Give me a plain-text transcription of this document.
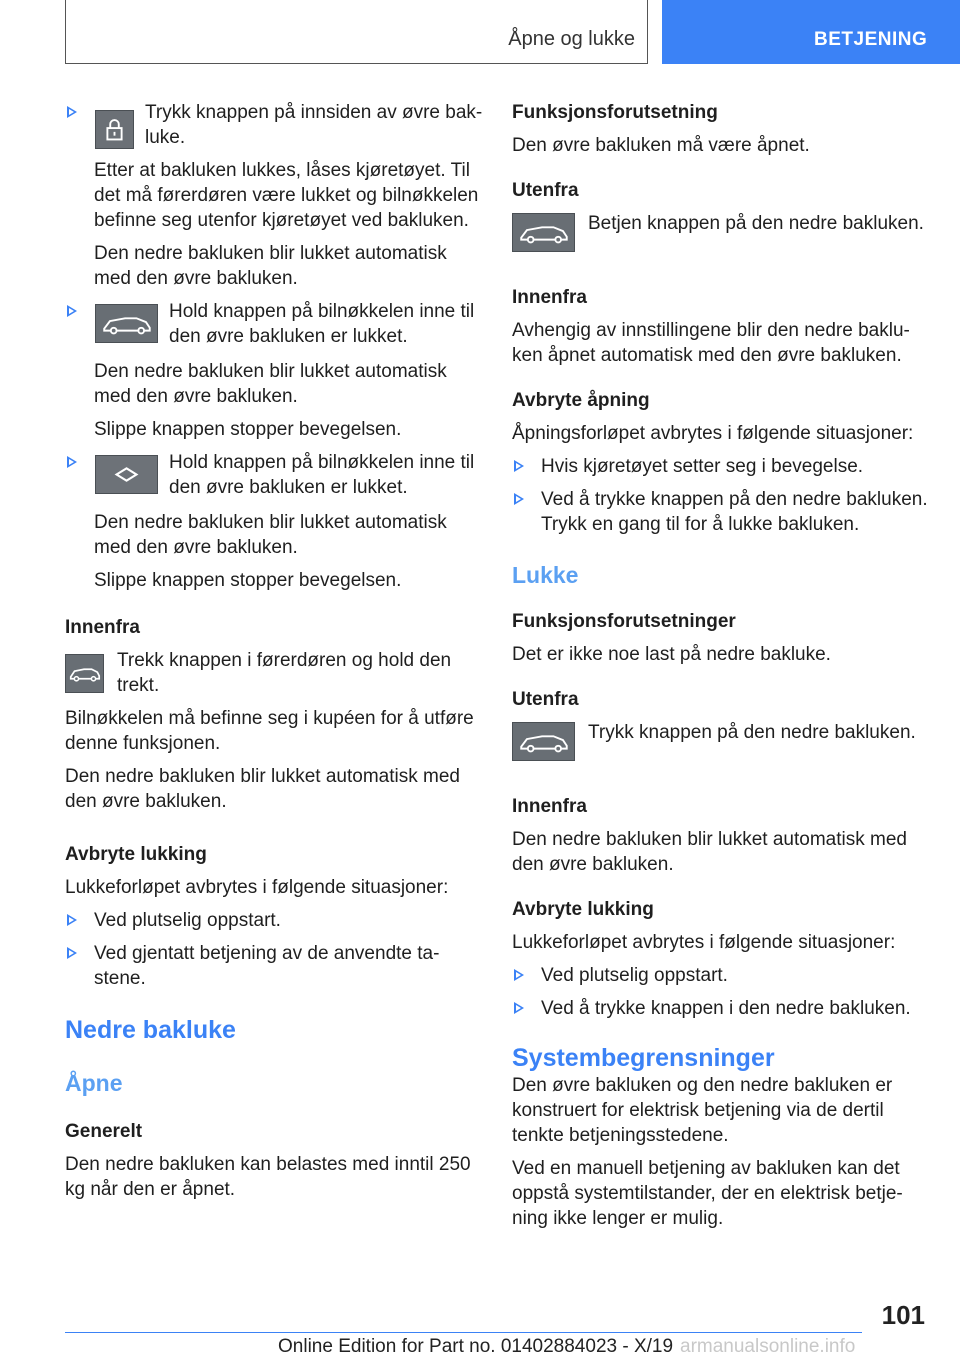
Åpne og lukke	BETJENING

Trykk knappen på innsiden av øvre bak-luke.

Etter at bakluken lukkes, låses kjøretøyet. Til det må førerdøren være lukket og bilnøkkelen befinne seg utenfor kjøretøyet ved bakluken.

Den nedre bakluken blir lukket automatisk med den øvre bakluken.

Hold knappen på bilnøkkelen inne til den øvre bakluken er lukket.

Den nedre bakluken blir lukket automatisk med den øvre bakluken.

Slippe knappen stopper bevegelsen.

Hold knappen på bilnøkkelen inne til den øvre bakluken er lukket.

Den nedre bakluken blir lukket automatisk med den øvre bakluken.

Slippe knappen stopper bevegelsen.

Innenfra

Trekk knappen i førerdøren og hold den trekt.

Bilnøkkelen må befinne seg i kupéen for å utføre denne funksjonen.

Den nedre bakluken blir lukket automatisk med den øvre bakluken.

Avbryte lukking

Lukkeforløpet avbrytes i følgende situasjoner:

Ved plutselig oppstart.

Ved gjentatt betjening av de anvendte ta-stene.

Nedre bakluke

Åpne

Generelt

Den nedre bakluken kan belastes med inntil 250 kg når den er åpnet.

Funksjonsforutsetning

Den øvre bakluken må være åpnet.

Utenfra

Betjen knappen på den nedre bakluken.

Innenfra

Avhengig av innstillingene blir den nedre baklu-ken åpnet automatisk med den øvre bakluken.

Avbryte åpning

Åpningsforløpet avbrytes i følgende situasjoner:

Hvis kjøretøyet setter seg i bevegelse.

Ved å trykke knappen på den nedre bakluken. Trykk en gang til for å lukke bakluken.

Lukke

Funksjonsforutsetninger

Det er ikke noe last på nedre bakluke.

Utenfra

Trykk knappen på den nedre bakluken.

Innenfra

Den nedre bakluken blir lukket automatisk med den øvre bakluken.

Avbryte lukking

Lukkeforløpet avbrytes i følgende situasjoner:

Ved plutselig oppstart.

Ved å trykke knappen i den nedre bakluken.

Systembegrensninger

Den øvre bakluken og den nedre bakluken er konstruert for elektrisk betjening via de dertil tenkte betjeningsstedene.

Ved en manuell betjening av bakluken kan det oppstå systemtilstander, der en elektrisk betje-ning ikke lenger er mulig.

101
Online Edition for Part no. 01402884023 - X/19 armanualsonline.info
